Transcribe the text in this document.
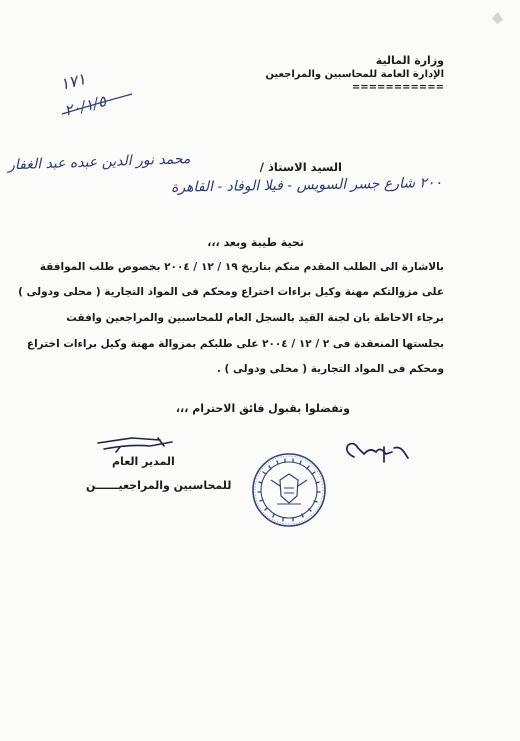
وزارة المالية
الإدارة العامة للمحاسبين والمراجعين
===========
١٧١
٢٠/١/٥
السيد الاستاذ /
محمد نور الدين عبده عبد الغفار
٢٠٠ شارع جسر السويس - فيلا الوفاد - القاهرة
تحية طيبة وبعد ،،،
بالاشارة الى الطلب المقدم منكم بتاريخ ١٩ / ١٢ / ٢٠٠٤ بخصوص طلب الموافقة
على مزوالتكم مهنة وكيل براءات اختراع ومحكم فى المواد التجارية ( محلى ودولى )
برجاء الاحاطة بان لجنة القيد بالسجل العام للمحاسبين والمراجعين وافقت
بجلستها المنعقدة فى ٢ / ١٢ / ٢٠٠٤ على طلبكم بمزوالة مهنة وكيل براءات اختراع
ومحكم فى المواد التجارية ( محلى ودولى ) .
وتفضلوا بقبول فائق الاحترام ،،،
المدير العام
للمحاسبين والمراجعيــــــن
